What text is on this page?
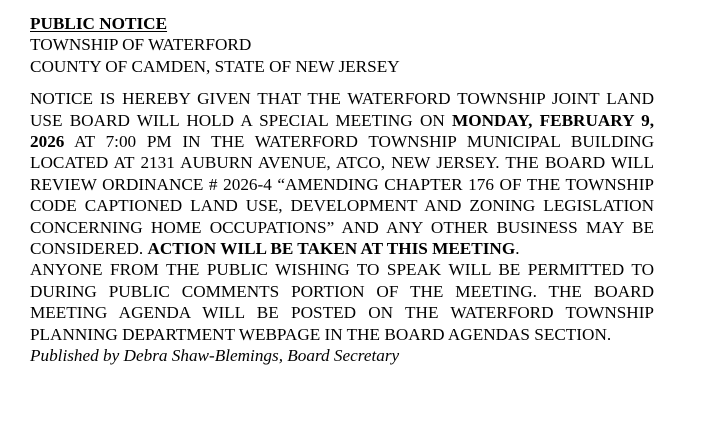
PUBLIC NOTICE
TOWNSHIP OF WATERFORD
COUNTY OF CAMDEN, STATE OF NEW JERSEY
NOTICE IS HEREBY GIVEN THAT THE WATERFORD TOWNSHIP JOINT LAND USE BOARD WILL HOLD A SPECIAL MEETING ON MONDAY, FEBRUARY 9, 2026 AT 7:00 PM IN THE WATERFORD TOWNSHIP MUNICIPAL BUILDING LOCATED AT 2131 AUBURN AVENUE, ATCO, NEW JERSEY. THE BOARD WILL REVIEW ORDINANCE # 2026-4 “AMENDING CHAPTER 176 OF THE TOWNSHIP CODE CAPTIONED LAND USE, DEVELOPMENT AND ZONING LEGISLATION CONCERNING HOME OCCUPATIONS” AND ANY OTHER BUSINESS MAY BE CONSIDERED. ACTION WILL BE TAKEN AT THIS MEETING.
ANYONE FROM THE PUBLIC WISHING TO SPEAK WILL BE PERMITTED TO DURING PUBLIC COMMENTS PORTION OF THE MEETING. THE BOARD MEETING AGENDA WILL BE POSTED ON THE WATERFORD TOWNSHIP PLANNING DEPARTMENT WEBPAGE IN THE BOARD AGENDAS SECTION.
Published by Debra Shaw-Blemings, Board Secretary
